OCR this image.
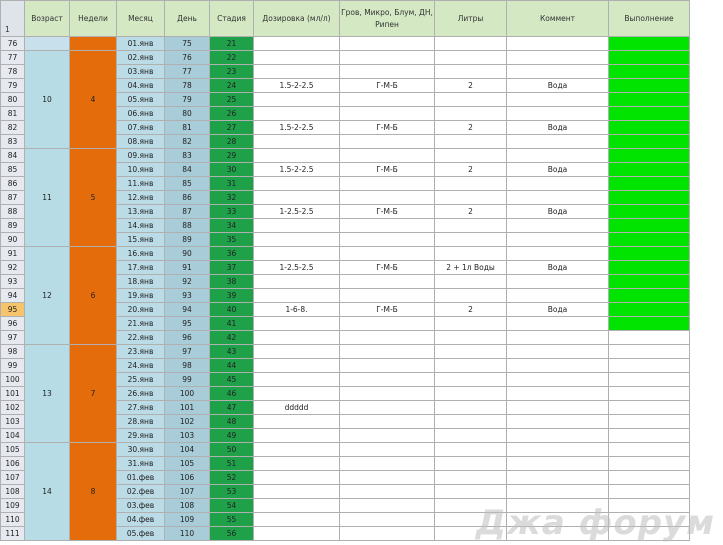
1	Возраст	Недели	Месяц	День	Стадия	Дозировка (мл/л)	Гров, Микро, Блум, ДН, Рипен	Литры	Коммент	Выполнение
76			01.янв	75	21					
77	10	4	02.янв	76	22					
78			03.янв	77	23					
79			04.янв	78	24	1.5-2-2.5	Г-М-Б	2	Вода	
80			05.янв	79	25					
81			06.янв	80	26					
82			07.янв	81	27	1.5-2-2.5	Г-М-Б	2	Вода	
83			08.янв	82	28					
84	11	5	09.янв	83	29					
85			10.янв	84	30	1.5-2-2.5	Г-М-Б	2	Вода	
86			11.янв	85	31					
87			12.янв	86	32					
88			13.янв	87	33	1-2.5-2.5	Г-М-Б	2	Вода	
89			14.янв	88	34					
90			15.янв	89	35					
91	12	6	16.янв	90	36					
92			17.янв	91	37	1-2.5-2.5	Г-М-Б	2 + 1л Воды	Вода	
93			18.янв	92	38					
94			19.янв	93	39					
95			20.янв	94	40	1-6-8.	Г-М-Б	2	Вода	
96			21.янв	95	41					
97			22.янв	96	42					
98	13	7	23.янв	97	43					
99			24.янв	98	44					
100			25.янв	99	45					
101			26.янв	100	46					
102			27.янв	101	47	ddddd				
103			28.янв	102	48					
104			29.янв	103	49					
105	14	8	30.янв	104	50					
106			31.янв	105	51					
107			01.фев	106	52					
108			02.фев	107	53					
109			03.фев	108	54					
110			04.фев	109	55					
111			05.фев	110	56						Джа форум
